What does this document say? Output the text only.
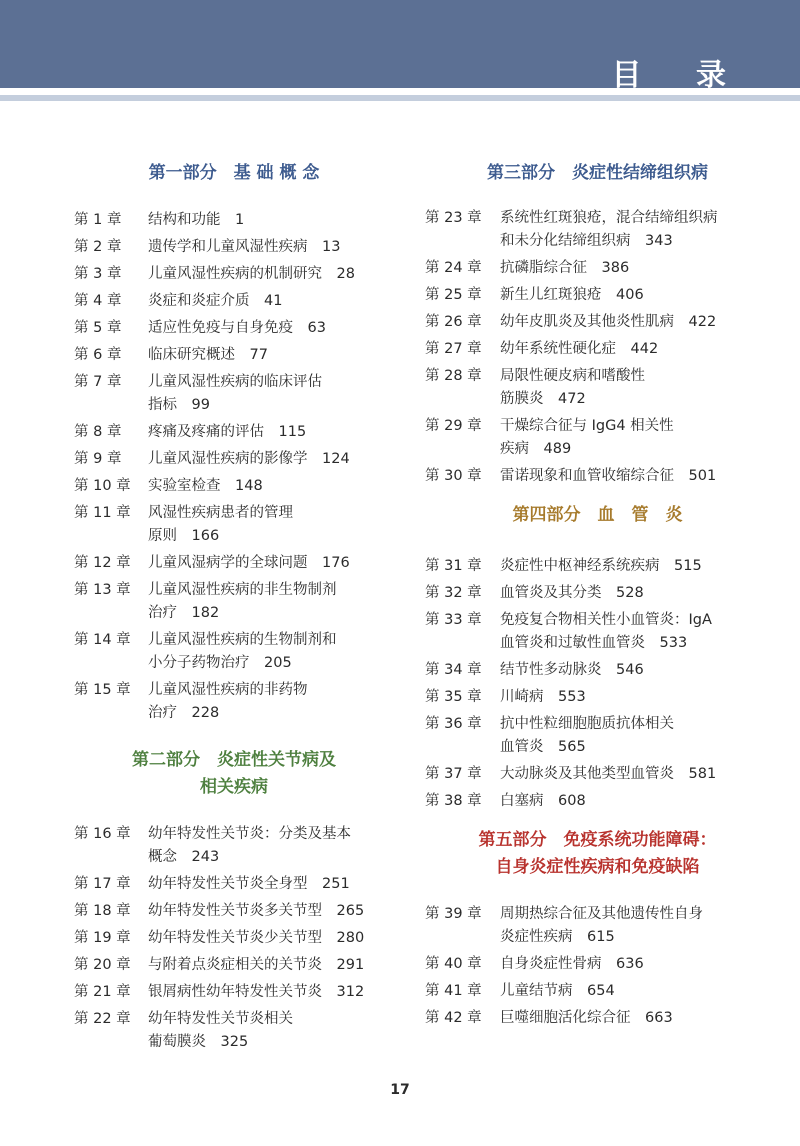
目 录
第一部分　基 础 概 念
第 1 章	结构和功能　1
第 2 章	遗传学和儿童风湿性疾病　13
第 3 章	儿童风湿性疾病的机制研究　28
第 4 章	炎症和炎症介质　41
第 5 章	适应性免疫与自身免疫　63
第 6 章	临床研究概述　77
第 7 章	儿童风湿性疾病的临床评估
指标　99
第 8 章	疼痛及疼痛的评估　115
第 9 章	儿童风湿性疾病的影像学　124
第 10 章	实验室检查　148
第 11 章	风湿性疾病患者的管理
原则　166
第 12 章	儿童风湿病学的全球问题　176
第 13 章	儿童风湿性疾病的非生物制剂
治疗　182
第 14 章	儿童风湿性疾病的生物制剂和
小分子药物治疗　205
第 15 章	儿童风湿性疾病的非药物
治疗　228
第二部分　炎症性关节病及
相关疾病
第 16 章	幼年特发性关节炎：分类及基本
概念　243
第 17 章	幼年特发性关节炎全身型　251
第 18 章	幼年特发性关节炎多关节型　265
第 19 章	幼年特发性关节炎少关节型　280
第 20 章	与附着点炎症相关的关节炎　291
第 21 章	银屑病性幼年特发性关节炎　312
第 22 章	幼年特发性关节炎相关
葡萄膜炎　325
第三部分　炎症性结缔组织病
第 23 章	系统性红斑狼疮，混合结缔组织病
和未分化结缔组织病　343
第 24 章	抗磷脂综合征　386
第 25 章	新生儿红斑狼疮　406
第 26 章	幼年皮肌炎及其他炎性肌病　422
第 27 章	幼年系统性硬化症　442
第 28 章	局限性硬皮病和嗜酸性
筋膜炎　472
第 29 章	干燥综合征与 IgG4 相关性
疾病　489
第 30 章	雷诺现象和血管收缩综合征　501
第四部分　血　管　炎
第 31 章	炎症性中枢神经系统疾病　515
第 32 章	血管炎及其分类　528
第 33 章	免疫复合物相关性小血管炎：IgA
血管炎和过敏性血管炎　533
第 34 章	结节性多动脉炎　546
第 35 章	川崎病　553
第 36 章	抗中性粒细胞胞质抗体相关
血管炎　565
第 37 章	大动脉炎及其他类型血管炎　581
第 38 章	白塞病　608
第五部分　免疫系统功能障碍：
自身炎症性疾病和免疫缺陷
第 39 章	周期热综合征及其他遗传性自身
炎症性疾病　615
第 40 章	自身炎症性骨病　636
第 41 章	儿童结节病　654
第 42 章	巨噬细胞活化综合征　663
17
